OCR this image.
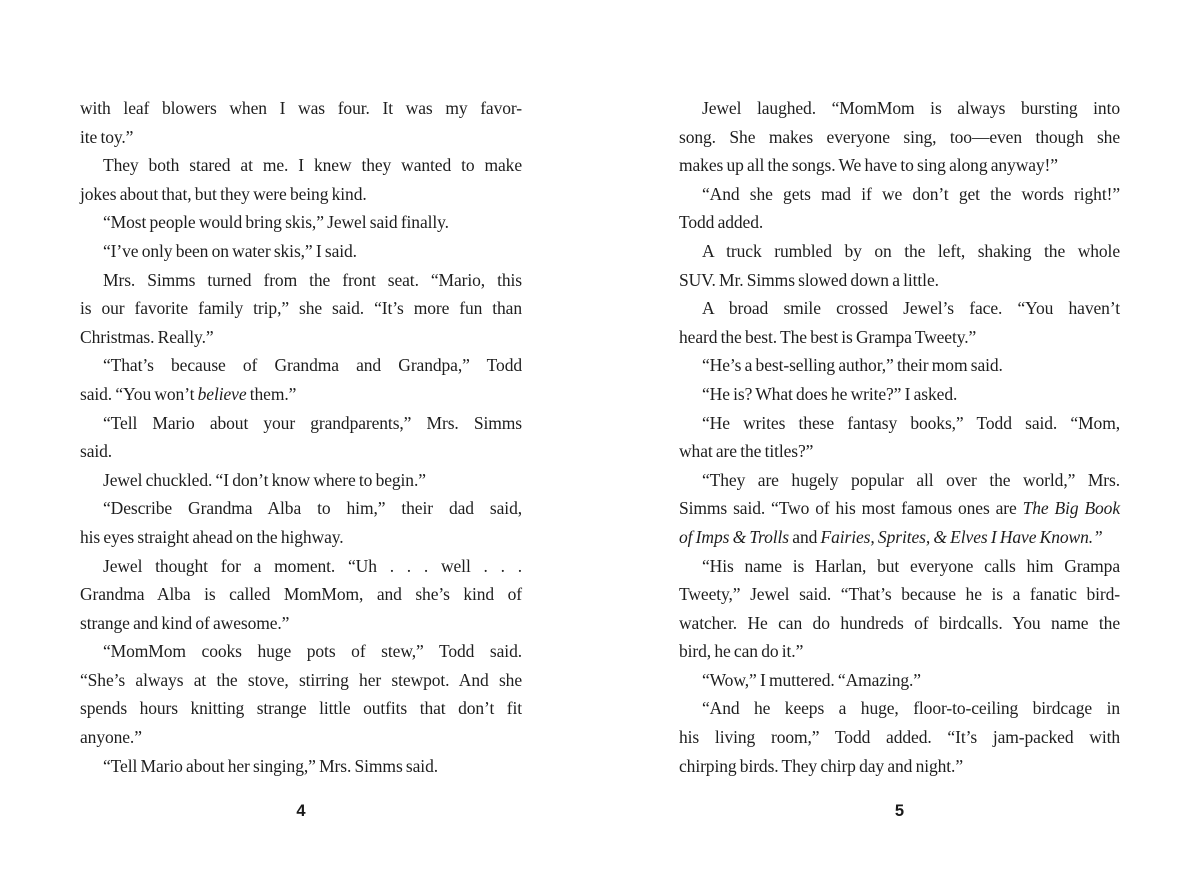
with leaf blowers when I was four. It was my favor-
ite toy.”
They both stared at me. I knew they wanted to make
jokes about that, but they were being kind.
“Most people would bring skis,” Jewel said finally.
“I’ve only been on water skis,” I said.
Mrs. Simms turned from the front seat. “Mario, this
is our favorite family trip,” she said. “It’s more fun than
Christmas. Really.”
“That’s because of Grandma and Grandpa,” Todd
said. “You won’t believe them.”
“Tell Mario about your grandparents,” Mrs. Simms
said.
Jewel chuckled. “I don’t know where to begin.”
“Describe Grandma Alba to him,” their dad said,
his eyes straight ahead on the highway.
Jewel thought for a moment. “Uh . . . well . . .
Grandma Alba is called MomMom, and she’s kind of
strange and kind of awesome.”
“MomMom cooks huge pots of stew,” Todd said.
“She’s always at the stove, stirring her stewpot. And she
spends hours knitting strange little outfits that don’t fit
anyone.”
“Tell Mario about her singing,” Mrs. Simms said.
Jewel laughed. “MomMom is always bursting into
song. She makes everyone sing, too—even though she
makes up all the songs. We have to sing along anyway!”
“And she gets mad if we don’t get the words right!”
Todd added.
A truck rumbled by on the left, shaking the whole
SUV. Mr. Simms slowed down a little.
A broad smile crossed Jewel’s face. “You haven’t
heard the best. The best is Grampa Tweety.”
“He’s a best-selling author,” their mom said.
“He is? What does he write?” I asked.
“He writes these fantasy books,” Todd said. “Mom,
what are the titles?”
“They are hugely popular all over the world,” Mrs.
Simms said. “Two of his most famous ones are The Big Book
of Imps & Trolls and Fairies, Sprites, & Elves I Have Known.”
“His name is Harlan, but everyone calls him Grampa
Tweety,” Jewel said. “That’s because he is a fanatic bird-
watcher. He can do hundreds of birdcalls. You name the
bird, he can do it.”
“Wow,” I muttered. “Amazing.”
“And he keeps a huge, floor-to-ceiling birdcage in
his living room,” Todd added. “It’s jam-packed with
chirping birds. They chirp day and night.”
4	5
